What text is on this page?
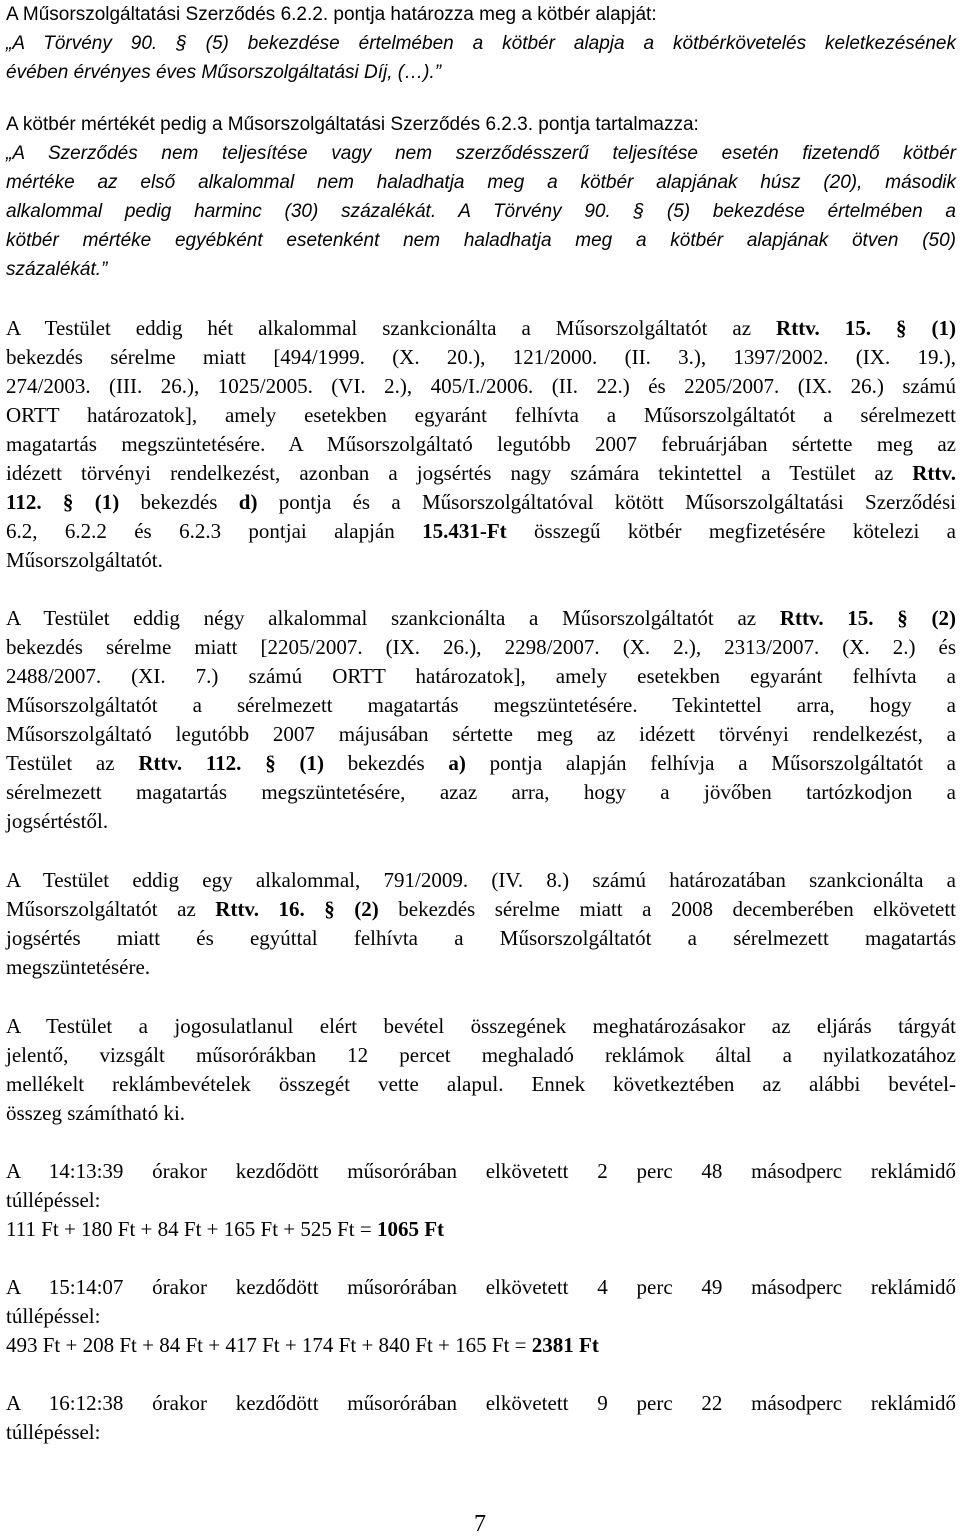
A Műsorszolgáltatási Szerződés 6.2.2. pontja határozza meg a kötbér alapját:
„A Törvény 90. § (5) bekezdése értelmében a kötbér alapja a kötbérkövetelés keletkezésének
évében érvényes éves Műsorszolgáltatási Díj, (…).”
A kötbér mértékét pedig a Műsorszolgáltatási Szerződés 6.2.3. pontja tartalmazza:
„A Szerződés nem teljesítése vagy nem szerződésszerű teljesítése esetén fizetendő kötbér
mértéke az első alkalommal nem haladhatja meg a kötbér alapjának húsz (20), második
alkalommal pedig harminc (30) százalékát. A Törvény 90. § (5) bekezdése értelmében a
kötbér mértéke egyébként esetenként nem haladhatja meg a kötbér alapjának ötven (50)
százalékát.”
A Testület eddig hét alkalommal szankcionálta a Műsorszolgáltatót az Rttv. 15. § (1)
bekezdés sérelme miatt [494/1999. (X. 20.), 121/2000. (II. 3.), 1397/2002. (IX. 19.),
274/2003. (III. 26.), 1025/2005. (VI. 2.), 405/I./2006. (II. 22.) és 2205/2007. (IX. 26.) számú
ORTT határozatok], amely esetekben egyaránt felhívta a Műsorszolgáltatót a sérelmezett
magatartás megszüntetésére. A Műsorszolgáltató legutóbb 2007 februárjában sértette meg az
idézett törvényi rendelkezést, azonban a jogsértés nagy számára tekintettel a Testület az Rttv.
112. § (1) bekezdés d) pontja és a Műsorszolgáltatóval kötött Műsorszolgáltatási Szerződési
6.2, 6.2.2 és 6.2.3 pontjai alapján 15.431-Ft összegű kötbér megfizetésére kötelezi a
Műsorszolgáltatót.
A Testület eddig négy alkalommal szankcionálta a Műsorszolgáltatót az Rttv. 15. § (2)
bekezdés sérelme miatt [2205/2007. (IX. 26.), 2298/2007. (X. 2.), 2313/2007. (X. 2.) és
2488/2007. (XI. 7.) számú ORTT határozatok], amely esetekben egyaránt felhívta a
Műsorszolgáltatót a sérelmezett magatartás megszüntetésére. Tekintettel arra, hogy a
Műsorszolgáltató legutóbb 2007 májusában sértette meg az idézett törvényi rendelkezést, a
Testület az Rttv. 112. § (1) bekezdés a) pontja alapján felhívja a Műsorszolgáltatót a
sérelmezett magatartás megszüntetésére, azaz arra, hogy a jövőben tartózkodjon a
jogsértéstől.
A Testület eddig egy alkalommal, 791/2009. (IV. 8.) számú határozatában szankcionálta a
Műsorszolgáltatót az Rttv. 16. § (2) bekezdés sérelme miatt a 2008 decemberében elkövetett
jogsértés miatt és egyúttal felhívta a Műsorszolgáltatót a sérelmezett magatartás
megszüntetésére.
A Testület a jogosulatlanul elért bevétel összegének meghatározásakor az eljárás tárgyát
jelentő, vizsgált műsorórákban 12 percet meghaladó reklámok által a nyilatkozatához
mellékelt reklámbevételek összegét vette alapul. Ennek következtében az alábbi bevétel-
összeg számítható ki.
A 14:13:39 órakor kezdődött műsorórában elkövetett 2 perc 48 másodperc reklámidő
túllépéssel:
111 Ft + 180 Ft + 84 Ft + 165 Ft + 525 Ft = 1065 Ft
A 15:14:07 órakor kezdődött műsorórában elkövetett 4 perc 49 másodperc reklámidő
túllépéssel:
493 Ft + 208 Ft + 84 Ft + 417 Ft + 174 Ft + 840 Ft + 165 Ft = 2381 Ft
A 16:12:38 órakor kezdődött műsorórában elkövetett 9 perc 22 másodperc reklámidő
túllépéssel:
7
